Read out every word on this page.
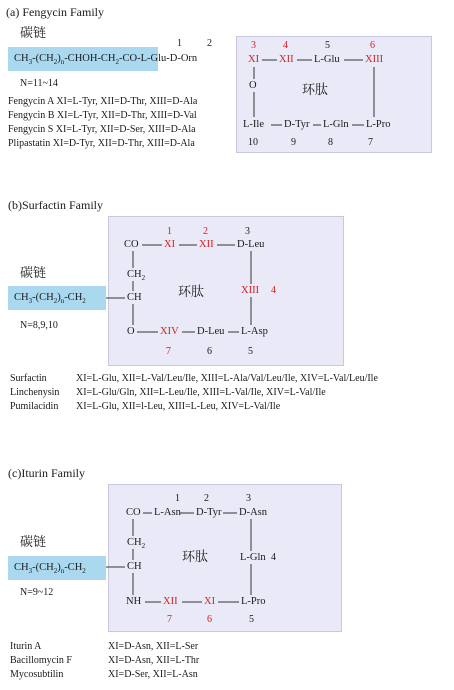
(a) Fengycin Family
碳链
$CH_3-(CH_2)_n-CHOH-CH_2-CO-L-Glu-D$-Orn
1	2	3	4	5	6
XI XII L-Glu XIII
O	环肽
L-Ile D-Tyr L-Gln L-Pro
10	9	8	7
N=11~14
Fengycin A XI=L-Tyr, XII=D-Thr, XIII=D-Ala
Fengycin B XI=L-Tyr, XII=D-Thr, XIII=D-Val
Fengycin S XI=L-Tyr, XII=D-Ser, XIII=D-Ala
Plipastatin XI=D-Tyr, XII=D-Thr, XIII=D-Ala
(b)Surfactin Family
碳链
$CH_3-(CH_2)_n-CH_2$
N=8,9,10
环肽
1	2	3
CO XI XII D-Leu
$CH_2$
CH
XIII 4
O XIV D-Leu L-Asp
7	6	5
Surfactin	XI=L-Glu, XII=L-Val/Leu/Ile, XIII=L-Ala/Val/Leu/Ile, XIV=L-Val/Leu/Ile
Linchenysin XI=L-Glu/Gln, XII=L-Leu/Ile, XIII=L-Val/Ile, XIV=L-Val/Ile
Pumilacidin XI=L-Glu, XII=l-Leu, XIII=L-Leu, XIV=L-Val/Ile
(c)Iturin Family
碳链
$CH_3-(CH_2)_n-CH_2$
N=9~12
环肽
1 2	3
CO L-Asn D-Tyr D-Asn
$CH_2$
CH
L-Gln 4
NH XII	XI L-Pro
7	6	5
Iturin A	XI=D-Asn, XII=L-Ser
Bacillomycin F	XI=D-Asn, XII=L-Thr
Mycosubtilin	XI=D-Ser, XII=L-Asn
